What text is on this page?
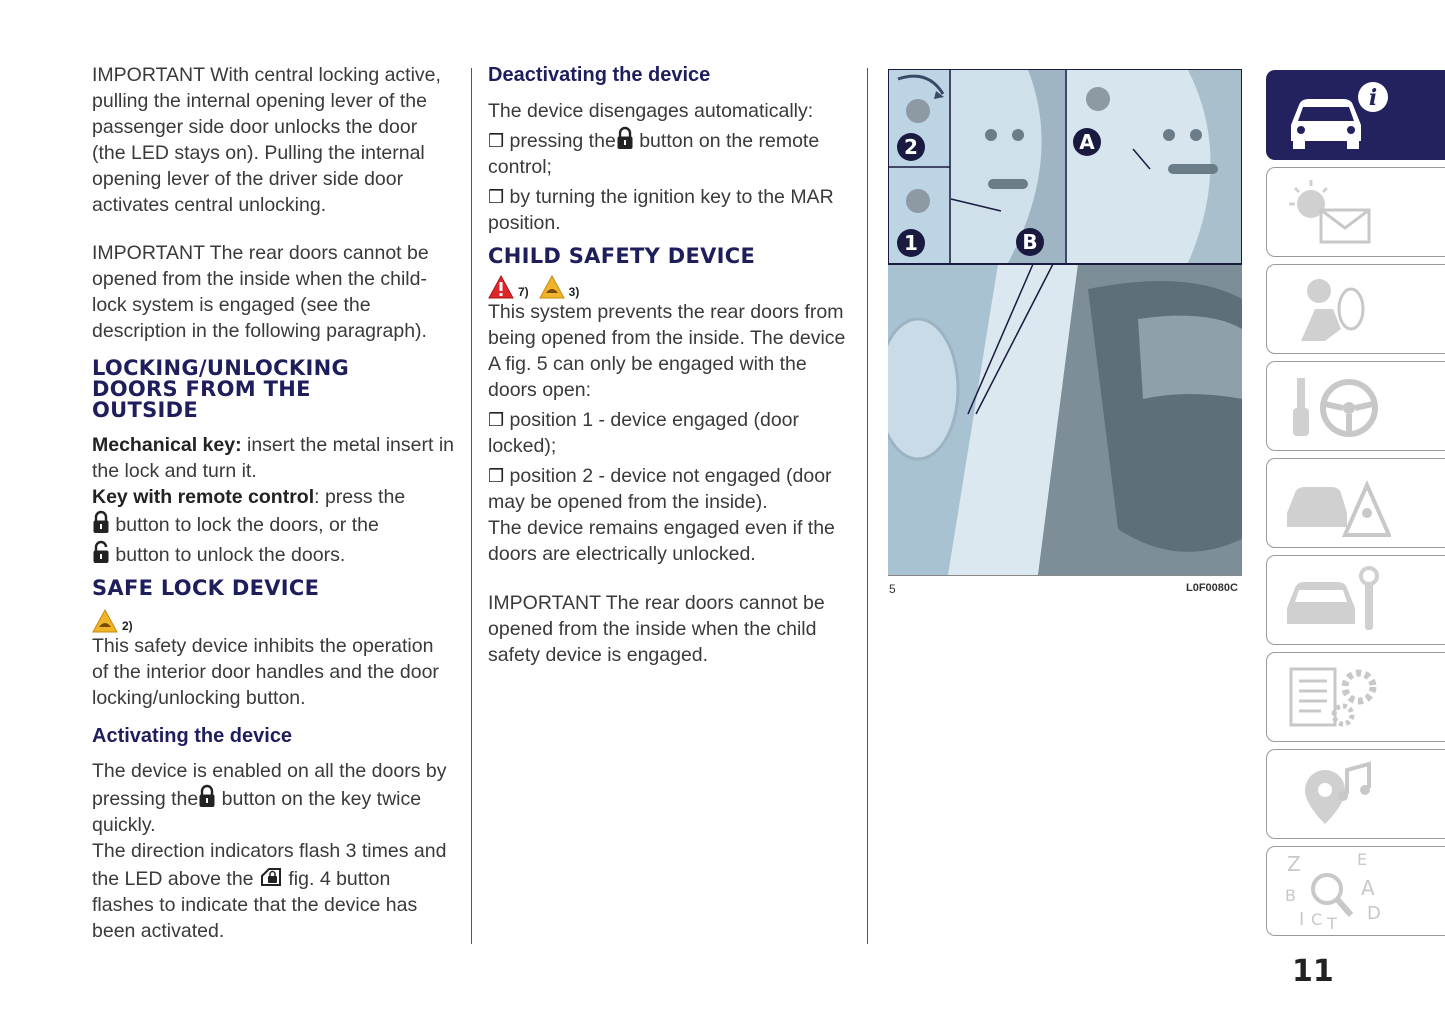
IMPORTANT With central locking active, pulling the internal opening lever of the passenger side door unlocks the door (the LED stays on). Pulling the internal opening lever of the driver side door activates central unlocking.

IMPORTANT The rear doors cannot be opened from the inside when the child-lock system is engaged (see the description in the following paragraph).

LOCKING/UNLOCKING

DOORS FROM THE

OUTSIDE

Mechanical key: insert the metal insert in the lock and turn it.

Key with remote control: press the

button to lock the doors, or the

button to unlock the doors.

SAFE LOCK DEVICE

2)

This safety device inhibits the operation of the interior door handles and the door locking/unlocking button.

Activating the device

The device is enabled on all the doors by pressing the button on the key twice quickly.

The direction indicators flash 3 times and the LED above the  fig. 4 button flashes to indicate that the device has been activated.

Deactivating the device

The device disengages automatically:

❒ pressing the button on the remote control;

❒ by turning the ignition key to the MAR position.

CHILD SAFETY DEVICE

7)	3)

This system prevents the rear doors from being opened from the inside. The device A fig. 5 can only be engaged with the doors open:

❒ position 1 - device engaged (door locked);

❒ position 2 - device not engaged (door may be opened from the inside).

The device remains engaged even if the doors are electrically unlocked.

IMPORTANT The rear doors cannot be opened from the inside when the child safety device is engaged.

2
1
A
B
5	L0F0080C
i
Z	E
B	A
I C T D
11
